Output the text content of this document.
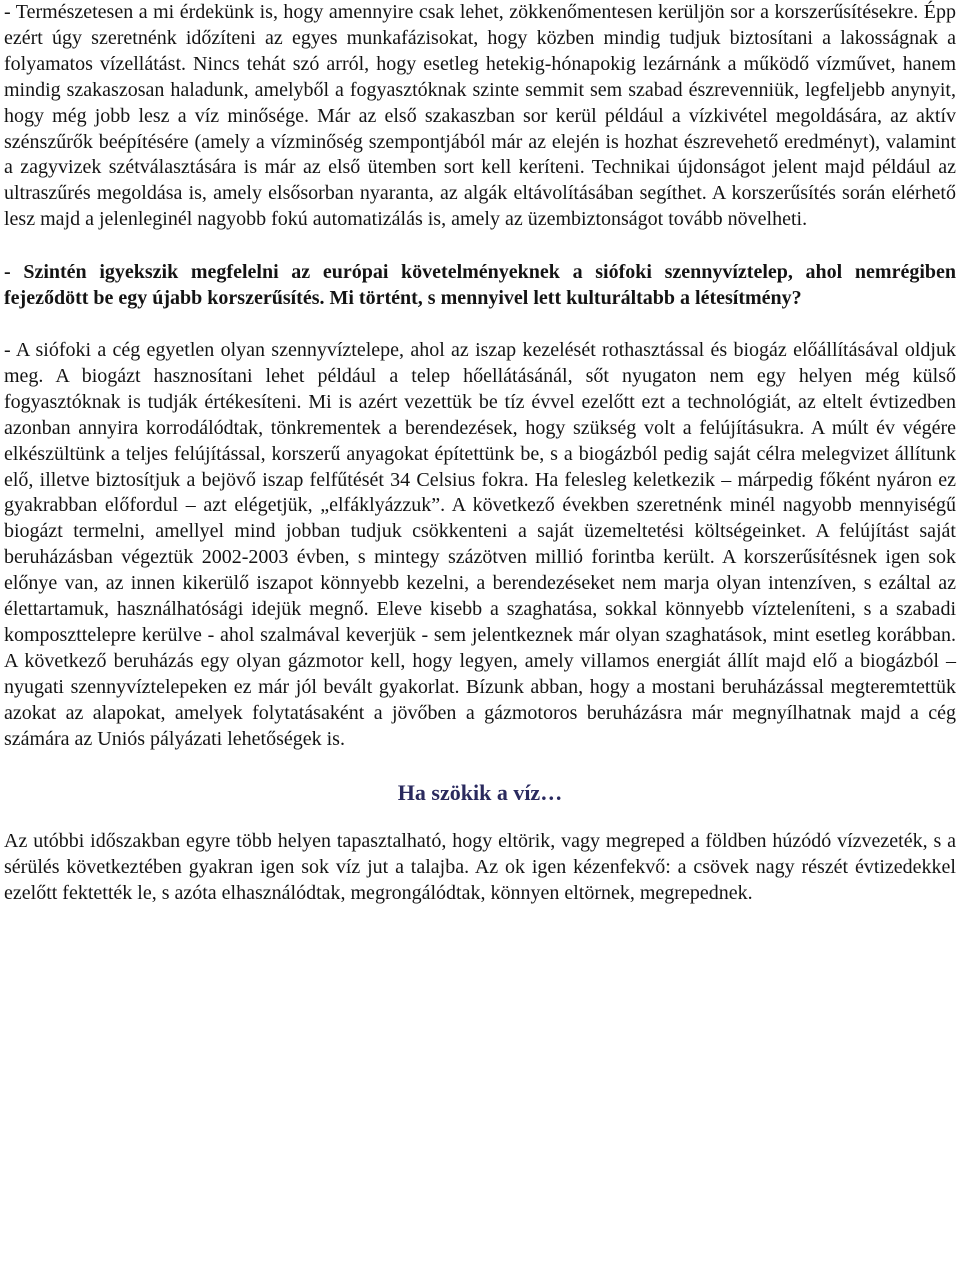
- Természetesen a mi érdekünk is, hogy amennyire csak lehet, zökkenőmentesen kerüljön sor a korszerűsítésekre. Épp ezért úgy szeretnénk időzíteni az egyes munkafázisokat, hogy közben mindig tudjuk biztosítani a lakosságnak a folyamatos vízellátást. Nincs tehát szó arról, hogy esetleg hetekig-hónapokig lezárnánk a működő vízművet, hanem mindig szakaszosan haladunk, amelyből a fogyasztóknak szinte semmit sem szabad észrevenniük, legfeljebb anynyit, hogy még jobb lesz a víz minősége. Már az első szakaszban sor kerül például a vízkivétel megoldására, az aktív szénszűrők beépítésére (amely a vízminőség szempontjából már az elején is hozhat észrevehető eredményt), valamint a zagyvizek szétválasztására is már az első ütemben sort kell keríteni. Technikai újdonságot jelent majd például az ultraszűrés megoldása is, amely elsősorban nyaranta, az algák eltávolításában segíthet. A korszerűsítés során elérhető lesz majd a jelenleginél nagyobb fokú automatizálás is, amely az üzembiztonságot tovább növelheti.

- Szintén igyekszik megfelelni az európai követelményeknek a siófoki szennyvíztelep, ahol nemrégiben fejeződött be egy újabb korszerűsítés. Mi történt, s mennyivel lett kulturáltabb a létesítmény?

- A siófoki a cég egyetlen olyan szennyvíztelepe, ahol az iszap kezelését rothasztással és biogáz előállításával oldjuk meg. A biogázt hasznosítani lehet például a telep hőellátásánál, sőt nyugaton nem egy helyen még külső fogyasztóknak is tudják értékesíteni. Mi is azért vezettük be tíz évvel ezelőtt ezt a technológiát, az eltelt évtizedben azonban annyira korrodálódtak, tönkrementek a berendezések, hogy szükség volt a felújításukra. A múlt év végére elkészültünk a teljes felújítással, korszerű anyagokat építettünk be, s a biogázból pedig saját célra melegvizet állítunk elő, illetve biztosítjuk a bejövő iszap felfűtését 34 Celsius fokra. Ha felesleg keletkezik – márpedig főként nyáron ez gyakrabban előfordul – azt elégetjük, „elfáklyázzuk”. A következő években szeretnénk minél nagyobb mennyiségű biogázt termelni, amellyel mind jobban tudjuk csökkenteni a saját üzemeltetési költségeinket. A felújítást saját beruházásban végeztük 2002-2003 évben, s mintegy százötven millió forintba került. A korszerűsítésnek igen sok előnye van, az innen kikerülő iszapot könnyebb kezelni, a berendezéseket nem marja olyan intenzíven, s ezáltal az élettartamuk, használhatósági idejük megnő. Eleve kisebb a szaghatása, sokkal könnyebb vízteleníteni, s a szabadi komposzttelepre kerülve - ahol szalmával keverjük - sem jelentkeznek már olyan szaghatások, mint esetleg korábban. A következő beruházás egy olyan gázmotor kell, hogy legyen, amely villamos energiát állít majd elő a biogázból – nyugati szennyvíztelepeken ez már jól bevált gyakorlat. Bízunk abban, hogy a mostani beruházással megteremtettük azokat az alapokat, amelyek folytatásaként a jövőben a gázmotoros beruházásra már megnyílhatnak majd a cég számára az Uniós pályázati lehetőségek is.

Ha szökik a víz…

Az utóbbi időszakban egyre több helyen tapasztalható, hogy eltörik, vagy megreped a földben húzódó vízvezeték, s a sérülés következtében gyakran igen sok víz jut a talajba. Az ok igen kézenfekvő: a csövek nagy részét évtizedekkel ezelőtt fektették le, s azóta elhasználódtak, megrongálódtak, könnyen eltörnek, megrepednek.
